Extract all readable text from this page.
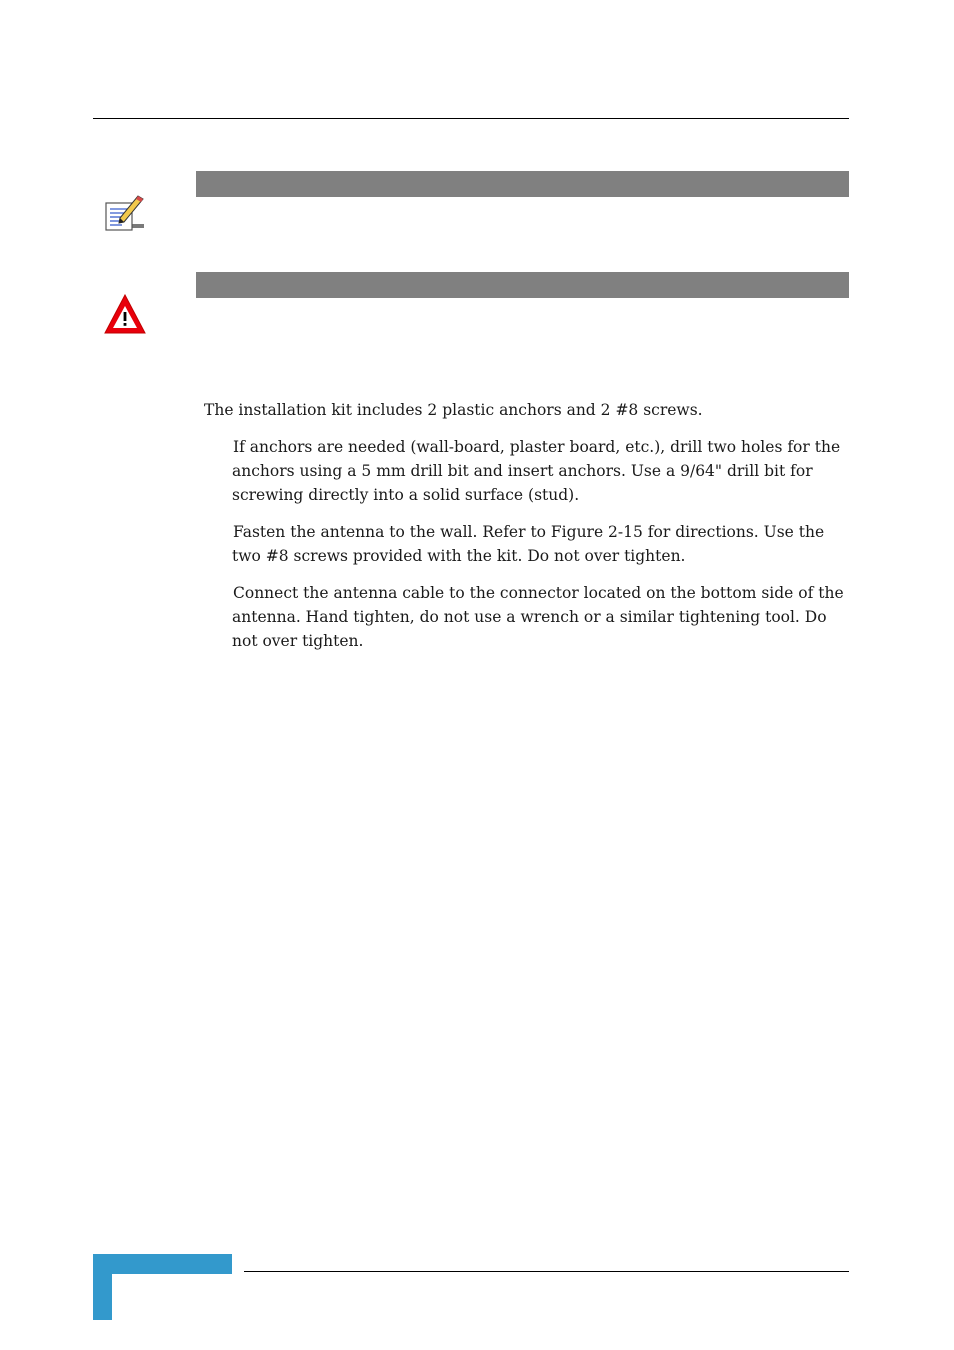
The installation kit includes 2 plastic anchors and 2 #8 screws.

If anchors are needed (wall-board, plaster board, etc.), drill two holes for the

anchors using a 5 mm drill bit and insert anchors. Use a 9/64" drill bit for

screwing directly into a solid surface (stud).

Fasten the antenna to the wall. Refer to Figure 2-15 for directions. Use the

two #8 screws provided with the kit. Do not over tighten.

Connect the antenna cable to the connector located on the bottom side of the

antenna. Hand tighten, do not use a wrench or a similar tightening tool. Do

not over tighten.
